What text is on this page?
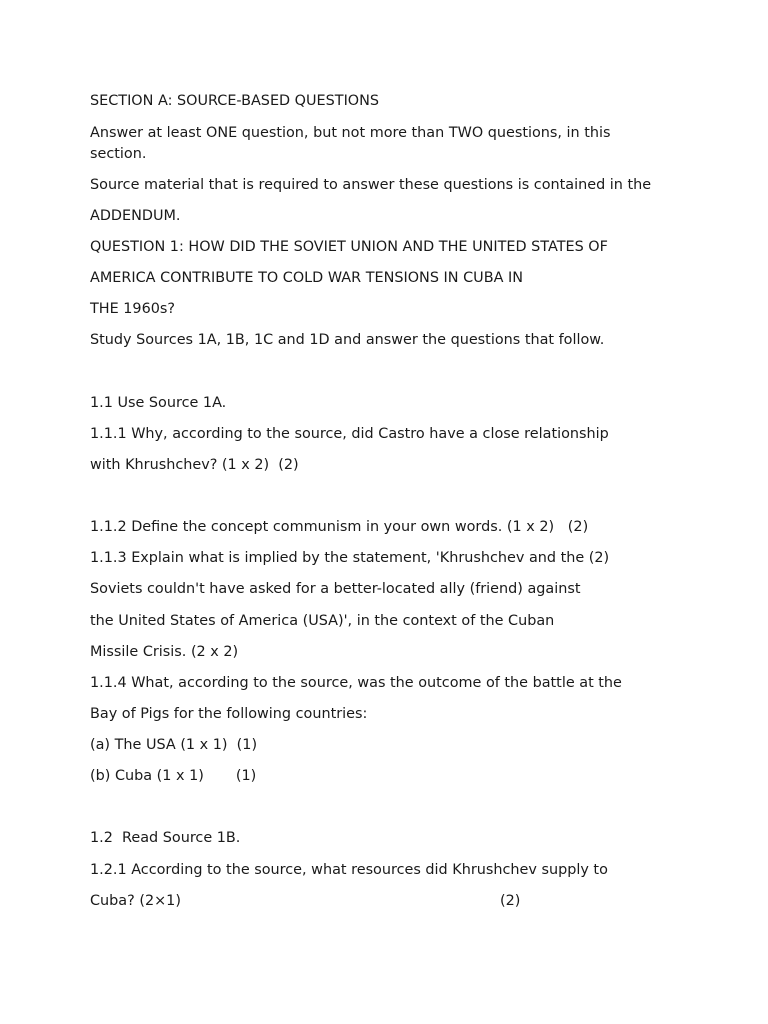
SECTION A: SOURCE-BASED QUESTIONS

Answer at least ONE question, but not more than TWO questions, in this section.

Source material that is required to answer these questions is contained in the

ADDENDUM.

QUESTION 1: HOW DID THE SOVIET UNION AND THE UNITED STATES OF

AMERICA CONTRIBUTE TO COLD WAR TENSIONS IN CUBA IN

THE 1960s?

Study Sources 1A, 1B, 1C and 1D and answer the questions that follow.

1.1 Use Source 1A.

1.1.1 Why, according to the source, did Castro have a close relationship

with Khrushchev? (1 x 2)  (2)

1.1.2 Define the concept communism in your own words. (1 x 2)   (2)

1.1.3 Explain what is implied by the statement, 'Khrushchev and the (2)

Soviets couldn't have asked for a better-located ally (friend) against

the United States of America (USA)', in the context of the Cuban

Missile Crisis. (2 x 2)

1.1.4 What, according to the source, was the outcome of the battle at the

Bay of Pigs for the following countries:

(a) The USA (1 x 1)  (1)

(b) Cuba (1 x 1)       (1)

1.2  Read Source 1B.

1.2.1 According to the source, what resources did Khrushchev supply to

Cuba? (2×1)	(2)
